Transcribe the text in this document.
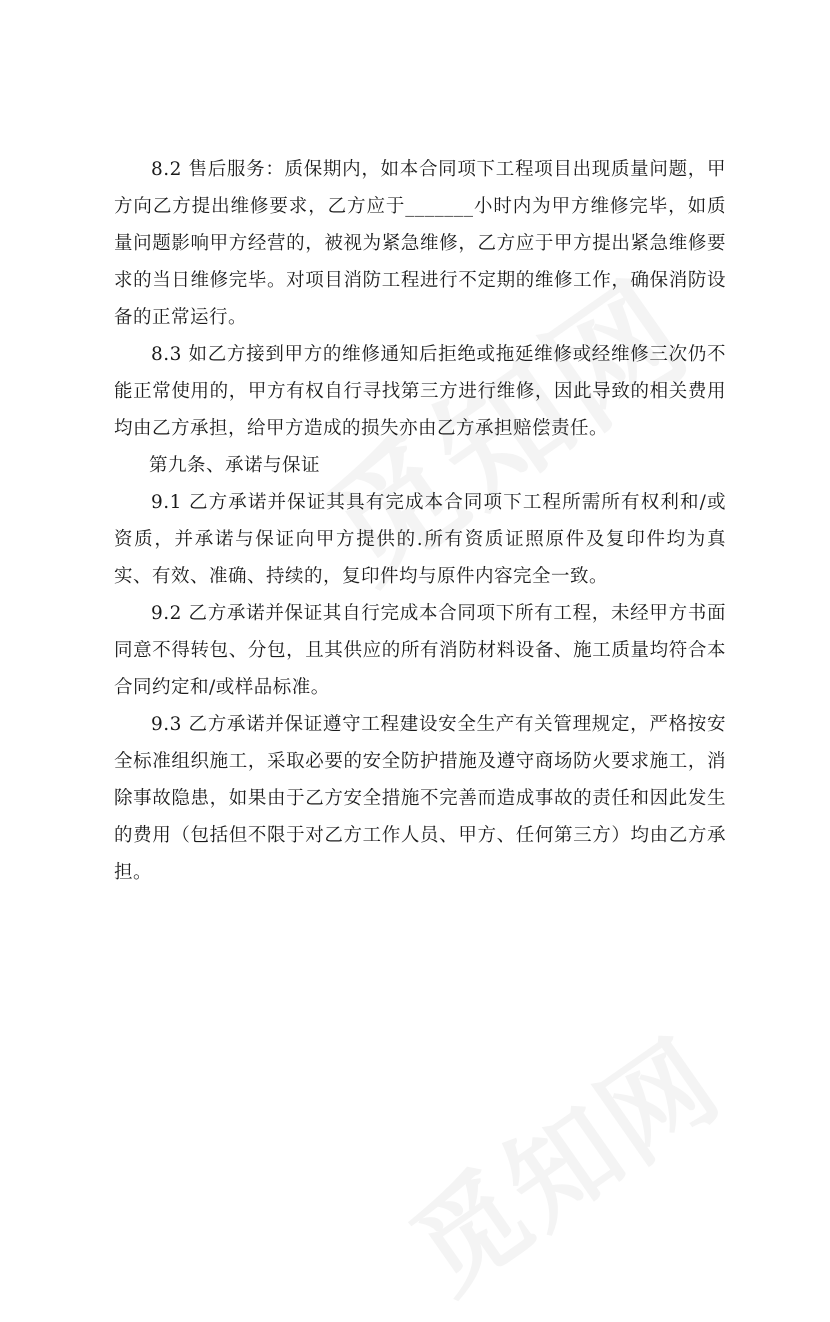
8.2 售后服务：质保期内，如本合同项下工程项目出现质量问题，甲方向乙方提出维修要求，乙方应于_______小时内为甲方维修完毕，如质量问题影响甲方经营的，被视为紧急维修，乙方应于甲方提出紧急维修要求的当日维修完毕。对项目消防工程进行不定期的维修工作，确保消防设备的正常运行。

8.3 如乙方接到甲方的维修通知后拒绝或拖延维修或经维修三次仍不能正常使用的，甲方有权自行寻找第三方进行维修，因此导致的相关费用均由乙方承担，给甲方造成的损失亦由乙方承担赔偿责任。

第九条、承诺与保证

9.1 乙方承诺并保证其具有完成本合同项下工程所需所有权利和/或资质，并承诺与保证向甲方提供的.所有资质证照原件及复印件均为真实、有效、准确、持续的，复印件均与原件内容完全一致。

9.2 乙方承诺并保证其自行完成本合同项下所有工程，未经甲方书面同意不得转包、分包，且其供应的所有消防材料设备、施工质量均符合本合同约定和/或样品标准。

9.3 乙方承诺并保证遵守工程建设安全生产有关管理规定，严格按安全标准组织施工，采取必要的安全防护措施及遵守商场防火要求施工，消除事故隐患，如果由于乙方安全措施不完善而造成事故的责任和因此发生的费用（包括但不限于对乙方工作人员、甲方、任何第三方）均由乙方承担。
